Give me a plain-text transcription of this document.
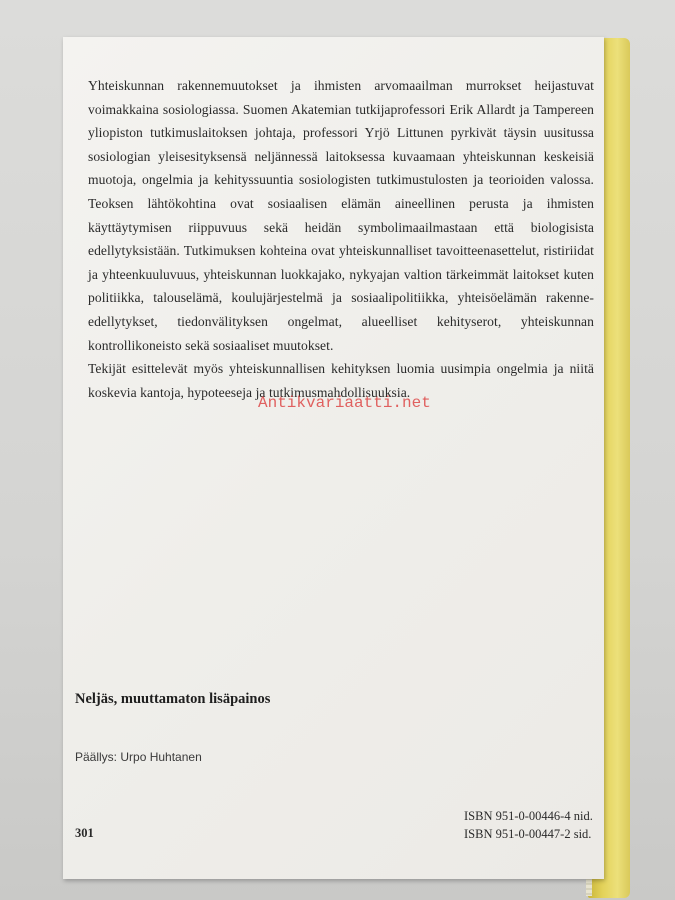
Yhteiskunnan rakennemuutokset ja ihmisten arvomaailman murrokset heijastuvat voimakkaina sosiologiassa. Suomen Akatemian tutkijaprofessori Erik Allardt ja Tampereen yliopiston tutkimuslaitoksen johtaja, professori Yrjö Littunen pyrkivät täysin uusitussa sosiologian yleisesityksensä neljännessä laitoksessa kuvaamaan yhteiskunnan keskeisiä muotoja, ongelmia ja kehityssuuntia sosiologisten tutkimustulosten ja teorioiden valossa. Teoksen lähtökohtina ovat sosiaalisen elämän aineellinen perusta ja ihmisten käyttäytymisen riippuvuus sekä heidän symbolimaailmastaan että biologisista edellytyksistään. Tutkimuksen kohteina ovat yhteiskunnalliset tavoitteenasettelut, ristiriidat ja yhteenkuuluvuus, yhteiskunnan luokkajako, nykyajan valtion tärkeimmät laitokset kuten politiikka, talouselämä, koulujärjestelmä ja sosiaalipolitiikka, yhteisöelämän rakenne-edellytykset, tiedonvälityksen ongelmat, alueelliset kehityserot, yhteiskunnan kontrollikoneisto sekä sosiaaliset muutokset.

Tekijät esittelevät myös yhteiskunnallisen kehityksen luomia uusimpia ongelmia ja niitä koskevia kantoja, hypoteeseja ja tutkimusmahdollisuuksia.

Antikvariaatti.net
Neljäs, muuttamaton lisäpainos
Päällys: Urpo Huhtanen
301
ISBN 951-0-00446-4 nid.
ISBN 951-0-00447-2 sid.
